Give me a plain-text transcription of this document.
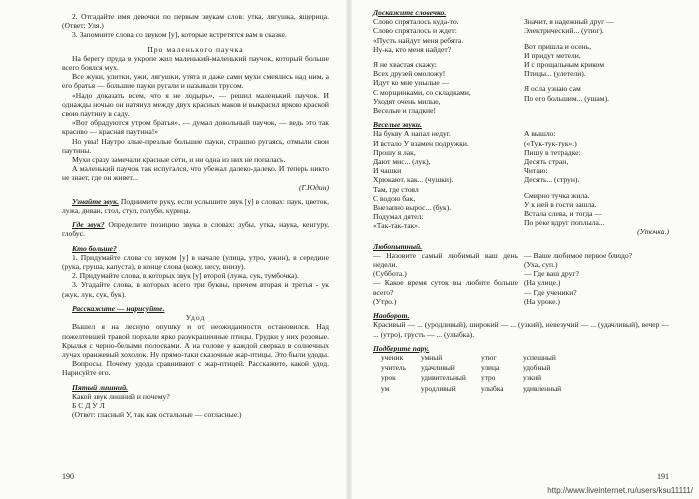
2. Отгадайте имя девочки по первым звукам слов: утка, лягушка, ящерица. (Ответ: Уля.)

3. Запомните слова со звуком [у], которые встретятся вам в сказке.

Про маленького паучка

На берегу пруда в укропе жил маленький-маленький паучок, который больше всего боялся мух.

Все жуки, улитки, ужи, лягушки, утята и даже сами мухи смеялись над ним, а его братья — большие пауки ругали и называли трусом.

«Надо доказать всем, что я не лодырь», — решил маленький паучок. И однажды ночью он натянул между двух красных маков и выкрасил яркою краской свою паутину в саду.

«Вот обрадуются утром братья», — думал довольный паучок, — ведь это так красиво — красная паутина!»

Но увы! Наутро злые-презлые большие пауки, страшно ругаясь, отмыли свои паутины.

Мухи сразу замечали красные сети, и ни одна из них не попалась.

А маленький паучок так испугался, что убежал далеко-далеко. И теперь никто не знает, где он живет...

(Г.Юдин)

Узнайте звук. Поднимите руку, если услышите звук [у] в словах: паук, цветок, лужа, диван, стол, стул, голуби, курица.

Где звук? Определите позицию звука в словах: зубы, утка, наука, кенгуру, глобус.

Кто больше?

1. Придумайте слова со звуком [у] в начале (улица, утро, ужин), в середине (рукa, груша, капуста), в конце слова (кожу, несу, внизу).

2. Придумайте слова, в которых звук [у] второй (лужа, сук, тумбочка).

3. Угадайте слова, в которых всего три буквы, причем вторая и третья - ук (жук, лук, сук, бук).

Расскажите — нарисуйте.

Удод

Вышел я на лесную опушку и от неожиданности остановился. Над пожелтевшей травой порхали ярко разукрашенные птицы. Грудки у них розовые. Крылья с черно-белыми полосками. А на голове у каждой сверкал в солнечных лучах оранжевый хохолок. Ну прямо-таки сказочные жар-птицы. Это были удоды.

Вопросы. Почему удода сравнивают с жар-птицей. Расскажите, какой удод. Нарисуйте его.

Пятый лишний.

Какой звук лишний и почему?

Б С Д У Л

(Ответ: гласный У, так как остальные — согласные.)

190

Доскажите словечко.

Слово спряталось куда-то.

Слово спряталось и ждет:

«Пусть найдут меня ребята.

Ну-ка, кто меня найдет?

Я не хвастая скажу:

Всех друзей омоложу!

Идут ко мне унылые —

С морщинками, со складками,

Уходят очень милые,

Веселые и гладкие!

Значит, я надежный друг —

Электрический... (утюг).

Вот пришла и осень,

И придут метели,

И с прощальным криком

Птицы... (улетели).

Я осла узнаю сам

По его большим... (ушам).

Веселые звуки.

На букву А напал недуг.

И встало У взамен подружки.

Прошу я лак,

Дают мис... (лук),

И чашки

Хрюкают, как... (чушки).

Там, где стоял

С водою бак,

Внезапно вырос... (бук).

Подумал дятел:

«Так-так-так».

А вышло:

(«Тук-тук-тук».)

Пишу в тетрадке:

Десять стран,

Читаю:

Десять... (струн).

Смирно тучка жила.

У к ней в гости зашла.

Встала слева, и тогда —

По реке вдруг поплыла...

(Уточка.)

Любопытный.

— Назовите самый любимый ваш день недели.

(Суббота.)

— Какое время суток вы любите больше всего?

(Утро.)

— Ваше любимое первое блюдо?

(Уха, суп.)

— Где ваш друг?

(На улице.)

— Где ученики?

(На уроке.)

Наоборот.

Красивый — ... (уродливый), широкий — ... (узкий), невезучий — ... (удачливый), вечер — ... (утро), грусть — ... (улыбка).

Подберите пару.

ученик	умный	утюг	успешный
учитель	удачливый	улица	удобный
урок	удивительный	утро	узкий
ум	уродливый	улыбка	удивленный
191
http://www.liveinternet.ru/users/ksu11111/
